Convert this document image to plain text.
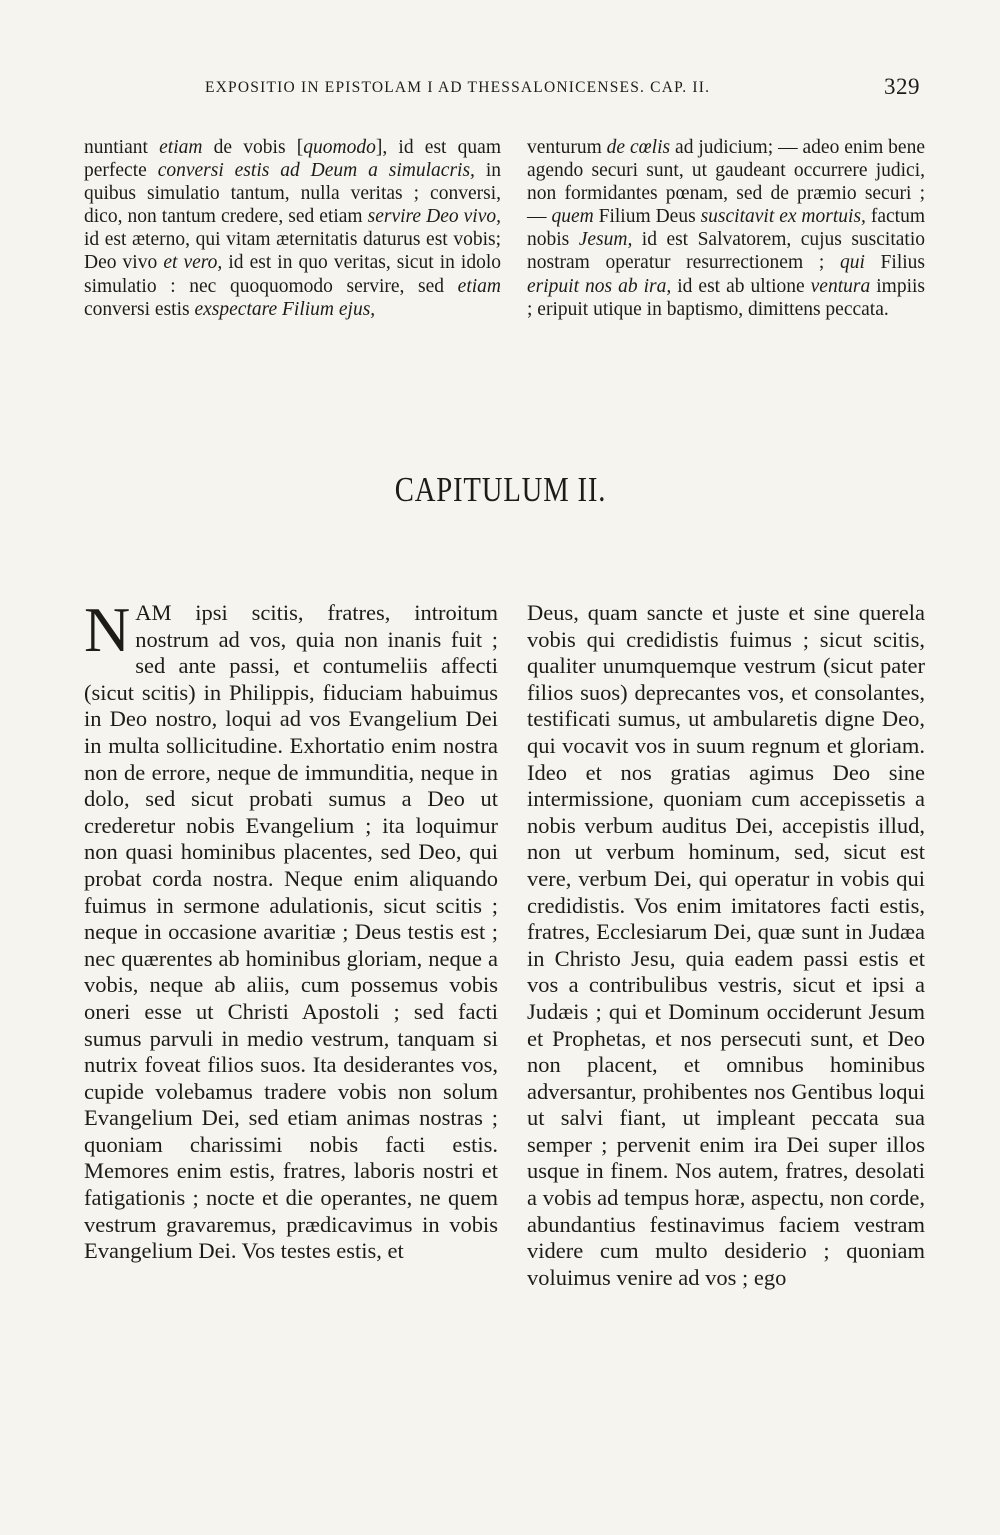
EXPOSITIO IN EPISTOLAM I AD THESSALONICENSES. CAP. II.	329

nuntiant etiam de vobis [quomodo], id est quam perfecte conversi estis ad Deum a simulacris, in quibus simulatio tantum, nulla veritas ; conversi, dico, non tantum credere, sed etiam servire Deo vivo, id est æterno, qui vitam æternitatis daturus est vobis; Deo vivo et vero, id est in quo veritas, sicut in idolo simulatio : nec quoquomodo servire, sed etiam conversi estis exspectare Filium ejus,

venturum de cœlis ad judicium; — adeo enim bene agendo securi sunt, ut gaudeant occurrere judici, non formidantes pœnam, sed de præmio securi ; — quem Filium Deus suscitavit ex mortuis, factum nobis Jesum, id est Salvatorem, cujus suscitatio nostram operatur resurrectionem ; qui Filius eripuit nos ab ira, id est ab ultione ventura impiis ; eripuit utique in baptismo, dimittens peccata.

CAPITULUM II.

NAM ipsi scitis, fratres, introitum nostrum ad vos, quia non inanis fuit ; sed ante passi, et contumeliis affecti (sicut scitis) in Philippis, fiduciam habuimus in Deo nostro, loqui ad vos Evangelium Dei in multa sollicitudine. Exhortatio enim nostra non de errore, neque de immunditia, neque in dolo, sed sicut probati sumus a Deo ut crederetur nobis Evangelium ; ita loquimur non quasi hominibus placentes, sed Deo, qui probat corda nostra. Neque enim aliquando fuimus in sermone adulationis, sicut scitis ; neque in occasione avaritiæ ; Deus testis est ; nec quærentes ab hominibus gloriam, neque a vobis, neque ab aliis, cum possemus vobis oneri esse ut Christi Apostoli ; sed facti sumus parvuli in medio vestrum, tanquam si nutrix foveat filios suos. Ita desiderantes vos, cupide volebamus tradere vobis non solum Evangelium Dei, sed etiam animas nostras ; quoniam charissimi nobis facti estis. Memores enim estis, fratres, laboris nostri et fatigationis ; nocte et die operantes, ne quem vestrum gravaremus, prædicavimus in vobis Evangelium Dei. Vos testes estis, et

Deus, quam sancte et juste et sine querela vobis qui credidistis fuimus ; sicut scitis, qualiter unumquemque vestrum (sicut pater filios suos) deprecantes vos, et consolantes, testificati sumus, ut ambularetis digne Deo, qui vocavit vos in suum regnum et gloriam. Ideo et nos gratias agimus Deo sine intermissione, quoniam cum accepissetis a nobis verbum auditus Dei, accepistis illud, non ut verbum hominum, sed, sicut est vere, verbum Dei, qui operatur in vobis qui credidistis. Vos enim imitatores facti estis, fratres, Ecclesiarum Dei, quæ sunt in Judæa in Christo Jesu, quia eadem passi estis et vos a contribulibus vestris, sicut et ipsi a Judæis ; qui et Dominum occiderunt Jesum et Prophetas, et nos persecuti sunt, et Deo non placent, et omnibus hominibus adversantur, prohibentes nos Gentibus loqui ut salvi fiant, ut impleant peccata sua semper ; pervenit enim ira Dei super illos usque in finem. Nos autem, fratres, desolati a vobis ad tempus horæ, aspectu, non corde, abundantius festinavimus faciem vestram videre cum multo desiderio ; quoniam voluimus venire ad vos ; ego
